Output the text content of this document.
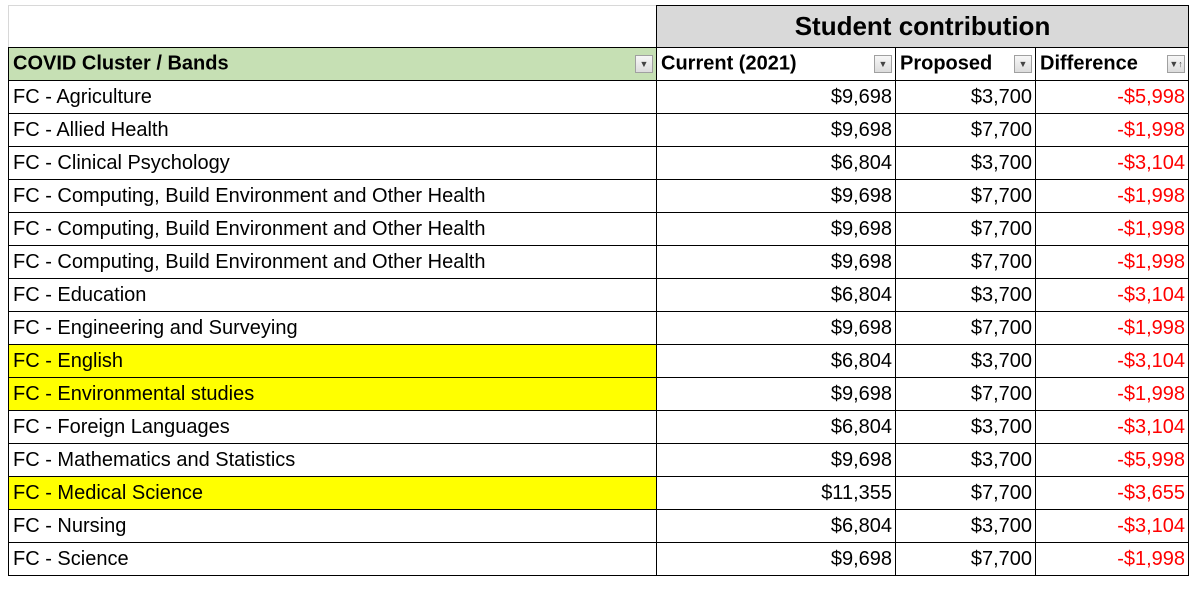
	Student contribution		

COVID Cluster / Bands ▼	Current (2021) ▼	Proposed ▼	Difference ▼↑

FC - Agriculture	$9,698	$3,700	-$5,998
FC - Allied Health	$9,698	$7,700	-$1,998
FC - Clinical Psychology	$6,804	$3,700	-$3,104
FC - Computing, Build Environment and Other Health	$9,698	$7,700	-$1,998
FC - Computing, Build Environment and Other Health	$9,698	$7,700	-$1,998
FC - Computing, Build Environment and Other Health	$9,698	$7,700	-$1,998
FC - Education	$6,804	$3,700	-$3,104
FC - Engineering and Surveying	$9,698	$7,700	-$1,998
FC - English	$6,804	$3,700	-$3,104
FC - Environmental studies	$9,698	$7,700	-$1,998
FC - Foreign Languages	$6,804	$3,700	-$3,104
FC - Mathematics and Statistics	$9,698	$3,700	-$5,998
FC - Medical Science	$11,355	$7,700	-$3,655
FC - Nursing	$6,804	$3,700	-$3,104
FC - Science	$9,698	$7,700	-$1,998
